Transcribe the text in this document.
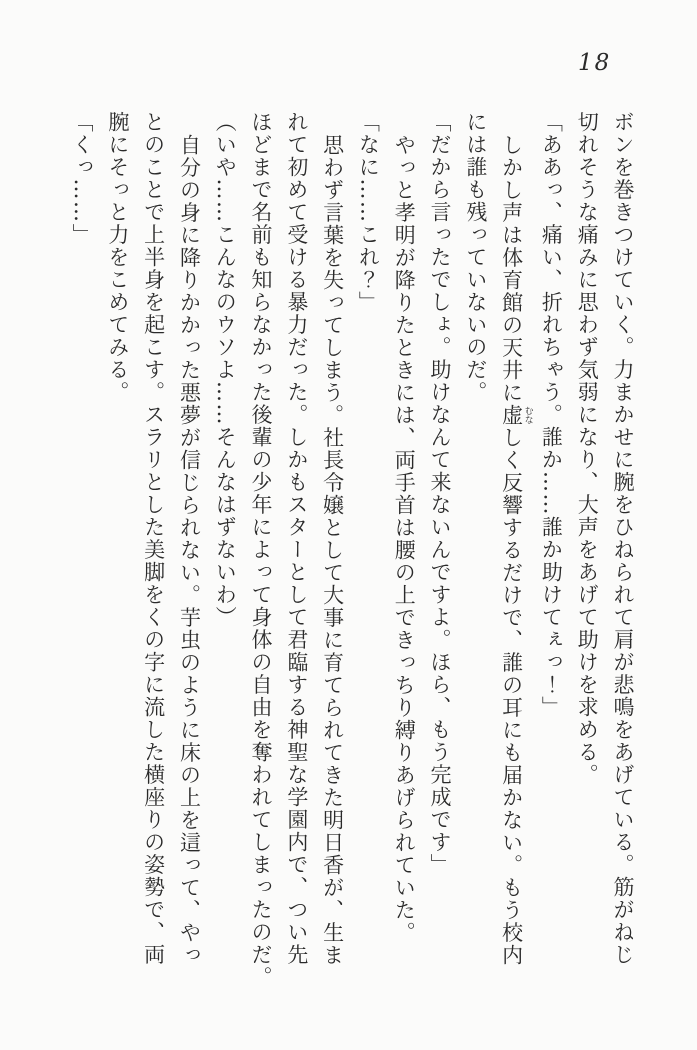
18
ボンを巻きつけていく。力まかせに腕をひねられて肩が悲鳴をあげている。筋がねじ
切れそうな痛みに思わず気弱になり、大声をあげて助けを求める。
「ああっ、痛い、折れちゃう。誰か……誰か助けてぇっ！」
しかし声は体育館の天井に虚 むなしく反響するだけで、誰の耳にも届かない。もう校内
には誰も残っていないのだ。
「だから言ったでしょ。助けなんて来ないんですよ。ほら、もう完成です」
やっと孝明が降りたときには、両手首は腰の上できっちり縛りあげられていた。
「なに……これ？」
思わず言葉を失ってしまう。社長令嬢として大事に育てられてきた明日香が、生ま
れて初めて受ける暴力だった。しかもスターとして君臨する神聖な学園内で、つい先
ほどまで名前も知らなかった後輩の少年によって身体の自由を奪われてしまったのだ。
（いや……こんなのウソよ……そんなはずないわ）
自分の身に降りかかった悪夢が信じられない。芋虫のように床の上を這って、やっ
とのことで上半身を起こす。スラリとした美脚をくの字に流した横座りの姿勢で、両
腕にそっと力をこめてみる。
「くっ……」
